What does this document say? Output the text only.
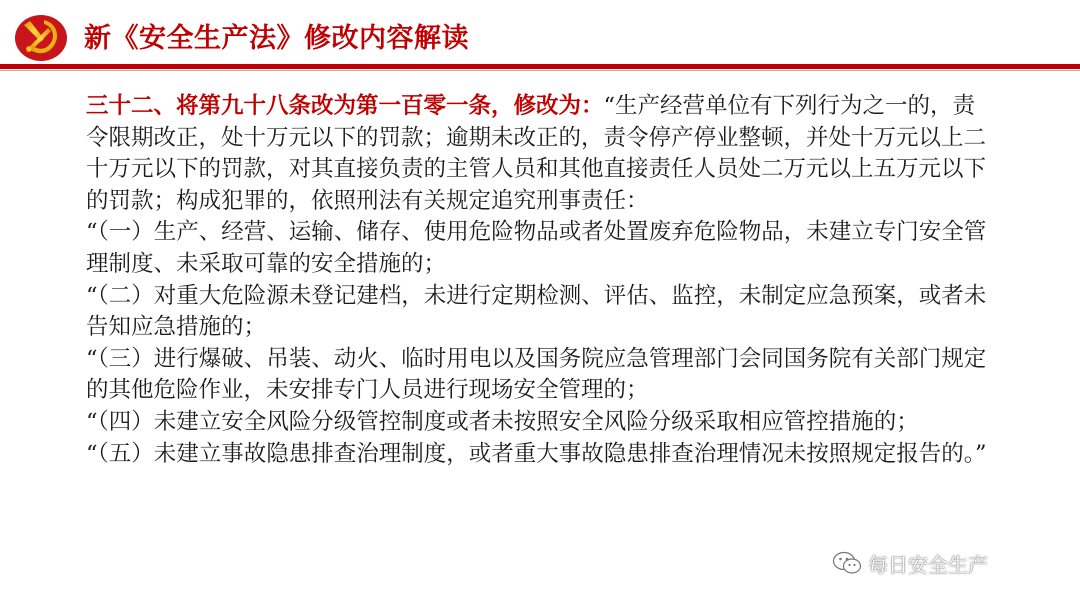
新《安全生产法》修改内容解读

三十二、将第九十八条改为第一百零一条，修改为：“生产经营单位有下列行为之一的，责令限期改正，处十万元以下的罚款；逾期未改正的，责令停产停业整顿，并处十万元以上二十万元以下的罚款，对其直接负责的主管人员和其他直接责任人员处二万元以上五万元以下的罚款；构成犯罪的，依照刑法有关规定追究刑事责任：

“（一）生产、经营、运输、储存、使用危险物品或者处置废弃危险物品，未建立专门安全管理制度、未采取可靠的安全措施的；

“（二）对重大危险源未登记建档，未进行定期检测、评估、监控，未制定应急预案，或者未告知应急措施的；

“（三）进行爆破、吊装、动火、临时用电以及国务院应急管理部门会同国务院有关部门规定的其他危险作业，未安排专门人员进行现场安全管理的；

“（四）未建立安全风险分级管控制度或者未按照安全风险分级采取相应管控措施的；

“（五）未建立事故隐患排查治理制度，或者重大事故隐患排查治理情况未按照规定报告的。”

每日安全生产
